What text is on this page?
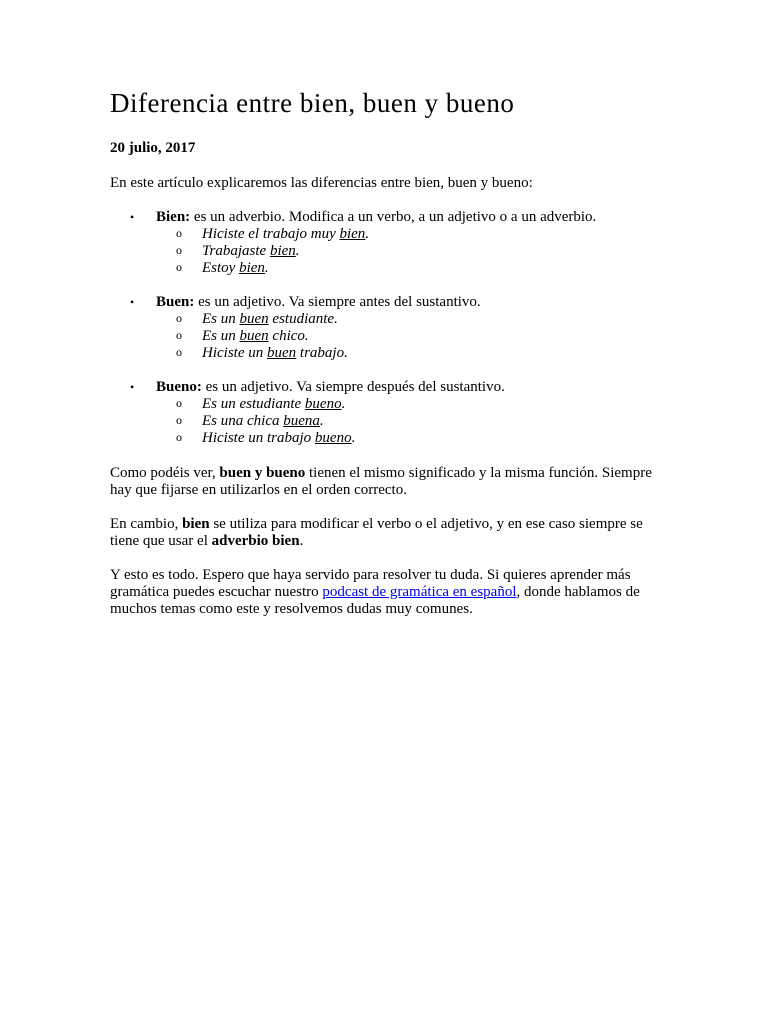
Diferencia entre bien, buen y bueno

20 julio, 2017

En este artículo explicaremos las diferencias entre bien, buen y bueno:

• Bien: es un adverbio. Modifica a un verbo, a un adjetivo o a un adverbio.
o Hiciste el trabajo muy bien.
o Trabajaste bien.
o Estoy bien.
• Buen: es un adjetivo. Va siempre antes del sustantivo.
o Es un buen estudiante.
o Es un buen chico.
o Hiciste un buen trabajo.
• Bueno: es un adjetivo. Va siempre después del sustantivo.
o Es un estudiante bueno.
o Es una chica buena.
o Hiciste un trabajo bueno.

Como podéis ver, buen y bueno tienen el mismo significado y la misma función. Siempre hay que fijarse en utilizarlos en el orden correcto.

En cambio, bien se utiliza para modificar el verbo o el adjetivo, y en ese caso siempre se tiene que usar el adverbio bien.

Y esto es todo. Espero que haya servido para resolver tu duda. Si quieres aprender más gramática puedes escuchar nuestro podcast de gramática en español, donde hablamos de muchos temas como este y resolvemos dudas muy comunes.
